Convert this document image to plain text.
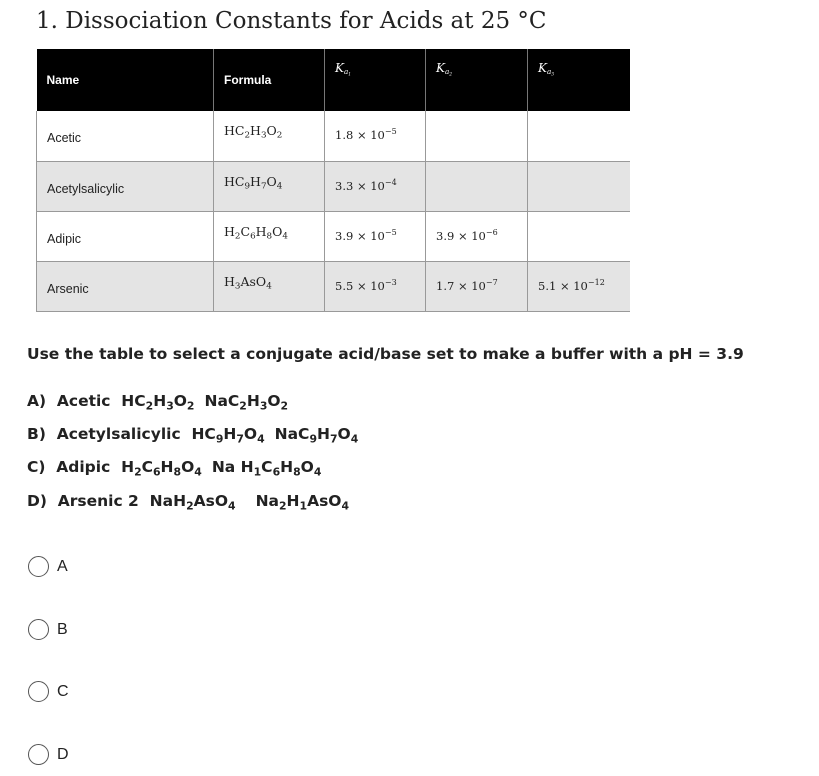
1. Dissociation Constants for Acids at 25 °C
Name	Formula	$K_{a_1}$	$K_{a_2}$	$K_{a_3}$
Acetic	$HC_2H_3O_2$	$1.8 \times 10^{-5}$		
Acetylsalicylic	$HC_9H_7O_4$	$3.3 \times 10^{-4}$		
Adipic	$H_2C_6H_8O_4$	$3.9 \times 10^{-5}$	$3.9 \times 10^{-6}$	
Arsenic	$H_3AsO_4$	$5.5 \times 10^{-3}$	$1.7 \times 10^{-7}$	$5.1 \times 10^{-12}$
Use the table to select a conjugate acid/base set to make a buffer with a pH = 3.9
A) Acetic $HC_2H_3O_2$ $NaC_2H_3O_2$
B) Acetylsalicylic $HC_9H_7O_4$ $NaC_9H_7O_4$
C) Adipic $H_2C_6H_8O_4$ Na $H_1C_6H_8O_4$
D) Arsenic 2 NaH$_2$AsO$_4$ $Na_2H_1AsO_4$
A
B
C
D
